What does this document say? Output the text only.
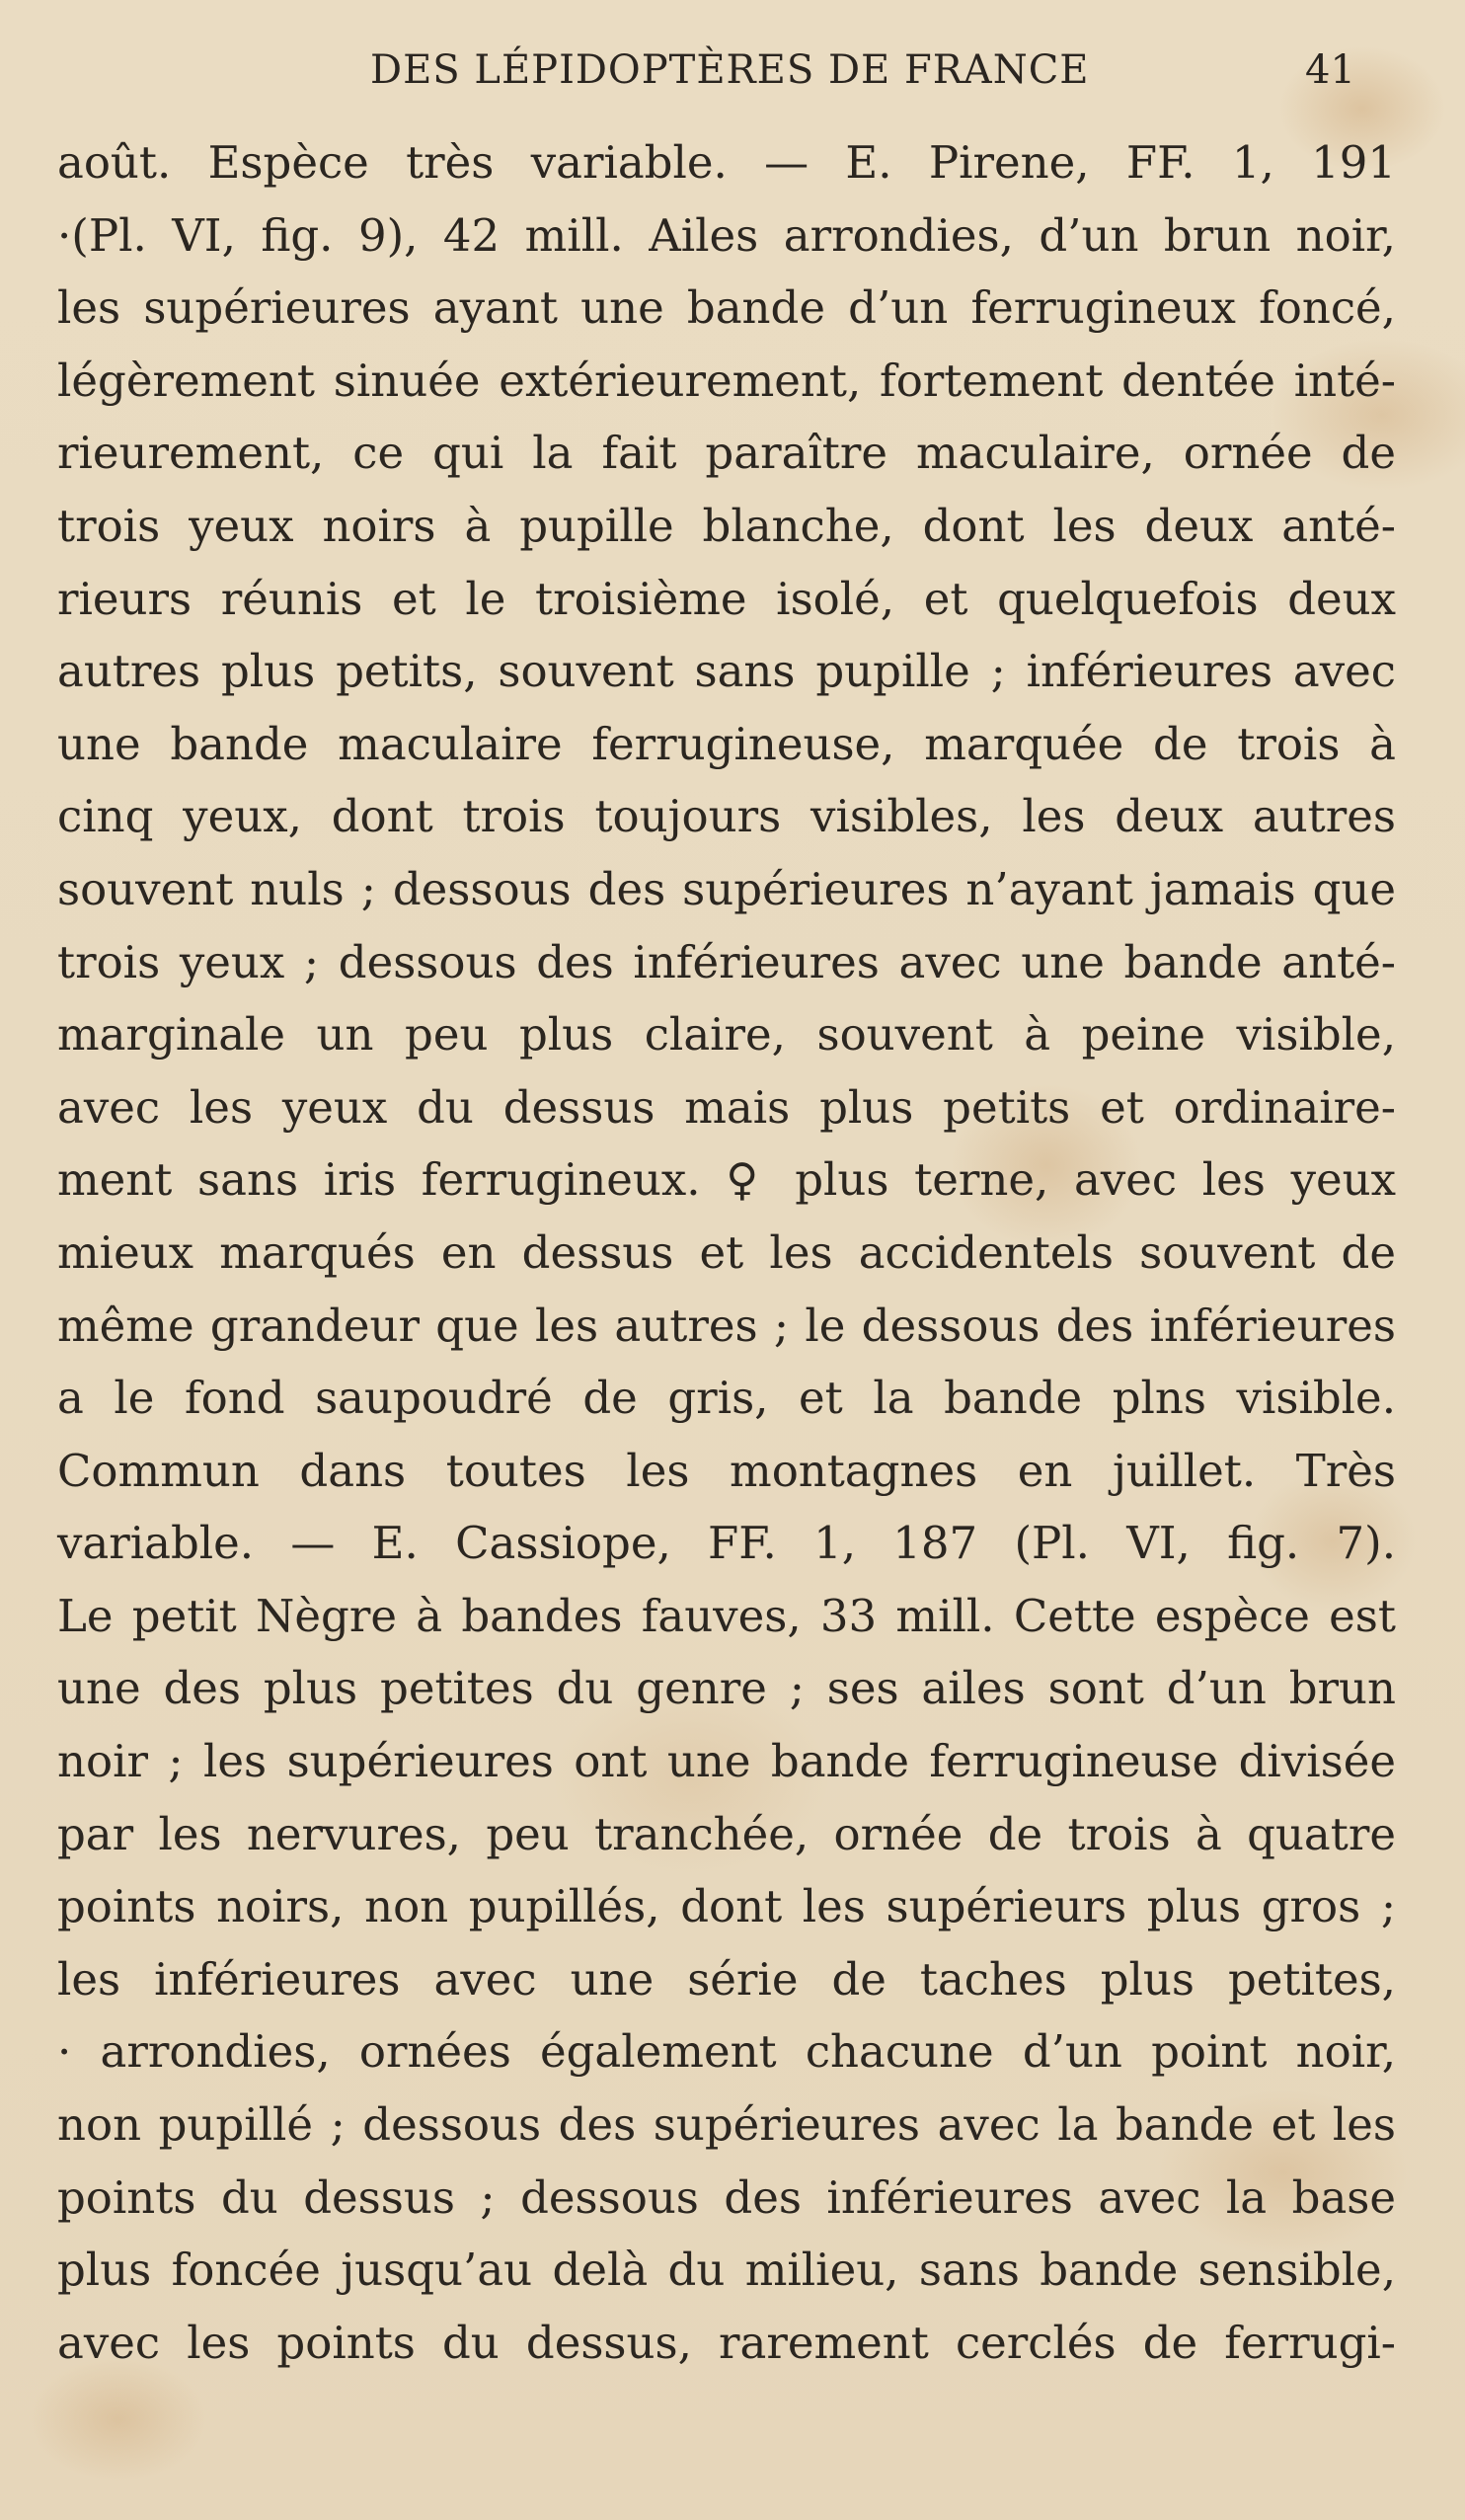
DES LÉPIDOPTÈRES DE FRANCE	41
août. Espèce très variable. — E. Pirene, FF. 1, 191
·(Pl. VI, fig. 9), 42 mill. Ailes arrondies, d’un brun noir,
les supérieures ayant une bande d’un ferrugineux foncé,
légèrement sinuée extérieurement, fortement dentée inté-
rieurement, ce qui la fait paraître maculaire, ornée de
trois yeux noirs à pupille blanche, dont les deux anté-
rieurs réunis et le troisième isolé, et quelquefois deux
autres plus petits, souvent sans pupille ; inférieures avec
une bande maculaire ferrugineuse, marquée de trois à
cinq yeux, dont trois toujours visibles, les deux autres
souvent nuls ; dessous des supérieures n’ayant jamais que
trois yeux ; dessous des inférieures avec une bande anté-
marginale un peu plus claire, souvent à peine visible,
avec les yeux du dessus mais plus petits et ordinaire-
ment sans iris ferrugineux. ♀ plus terne, avec les yeux
mieux marqués en dessus et les accidentels souvent de
même grandeur que les autres ; le dessous des inférieures
a le fond saupoudré de gris, et la bande plns visible.
Commun dans toutes les montagnes en juillet. Très
variable. — E. Cassiope, FF. 1, 187 (Pl. VI, fig. 7).
Le petit Nègre à bandes fauves, 33 mill. Cette espèce est
une des plus petites du genre ; ses ailes sont d’un brun
noir ; les supérieures ont une bande ferrugineuse divisée
par les nervures, peu tranchée, ornée de trois à quatre
points noirs, non pupillés, dont les supérieurs plus gros ;
les inférieures avec une série de taches plus petites,
· arrondies, ornées également chacune d’un point noir,
non pupillé ; dessous des supérieures avec la bande et les
points du dessus ; dessous des inférieures avec la base
plus foncée jusqu’au delà du milieu, sans bande sensible,
avec les points du dessus, rarement cerclés de ferrugi-
